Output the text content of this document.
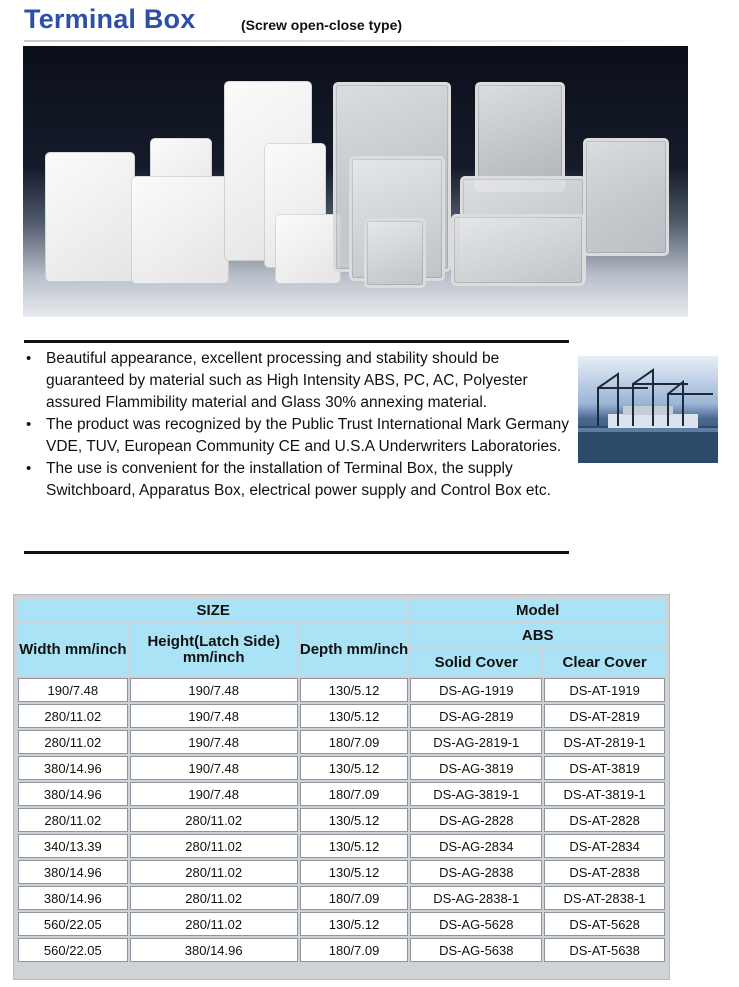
Terminal Box	(Screw open-close type)
• Beautiful appearance, excellent processing and stability should be guaranteed by material such as High Intensity ABS, PC, AC, Polyester assured Flammibility material and Glass 30% annexing material.
• The product was recognized by the Public Trust International Mark Germany VDE, TUV, European Community CE and U.S.A Underwriters Laboratories.
• The use is convenient for the installation of Terminal Box, the supply Switchboard, Apparatus Box, electrical power supply and Control Box etc.
SIZE			Model	
Width mm/inch	Height(Latch Side) mm/inch	Depth mm/inch	ABS	
			Solid Cover	Clear Cover
190/7.48	190/7.48	130/5.12	DS-AG-1919	DS-AT-1919
280/11.02	190/7.48	130/5.12	DS-AG-2819	DS-AT-2819
280/11.02	190/7.48	180/7.09	DS-AG-2819-1	DS-AT-2819-1
380/14.96	190/7.48	130/5.12	DS-AG-3819	DS-AT-3819
380/14.96	190/7.48	180/7.09	DS-AG-3819-1	DS-AT-3819-1
280/11.02	280/11.02	130/5.12	DS-AG-2828	DS-AT-2828
340/13.39	280/11.02	130/5.12	DS-AG-2834	DS-AT-2834
380/14.96	280/11.02	130/5.12	DS-AG-2838	DS-AT-2838
380/14.96	280/11.02	180/7.09	DS-AG-2838-1	DS-AT-2838-1
560/22.05	280/11.02	130/5.12	DS-AG-5628	DS-AT-5628
560/22.05	380/14.96	180/7.09	DS-AG-5638	DS-AT-5638
